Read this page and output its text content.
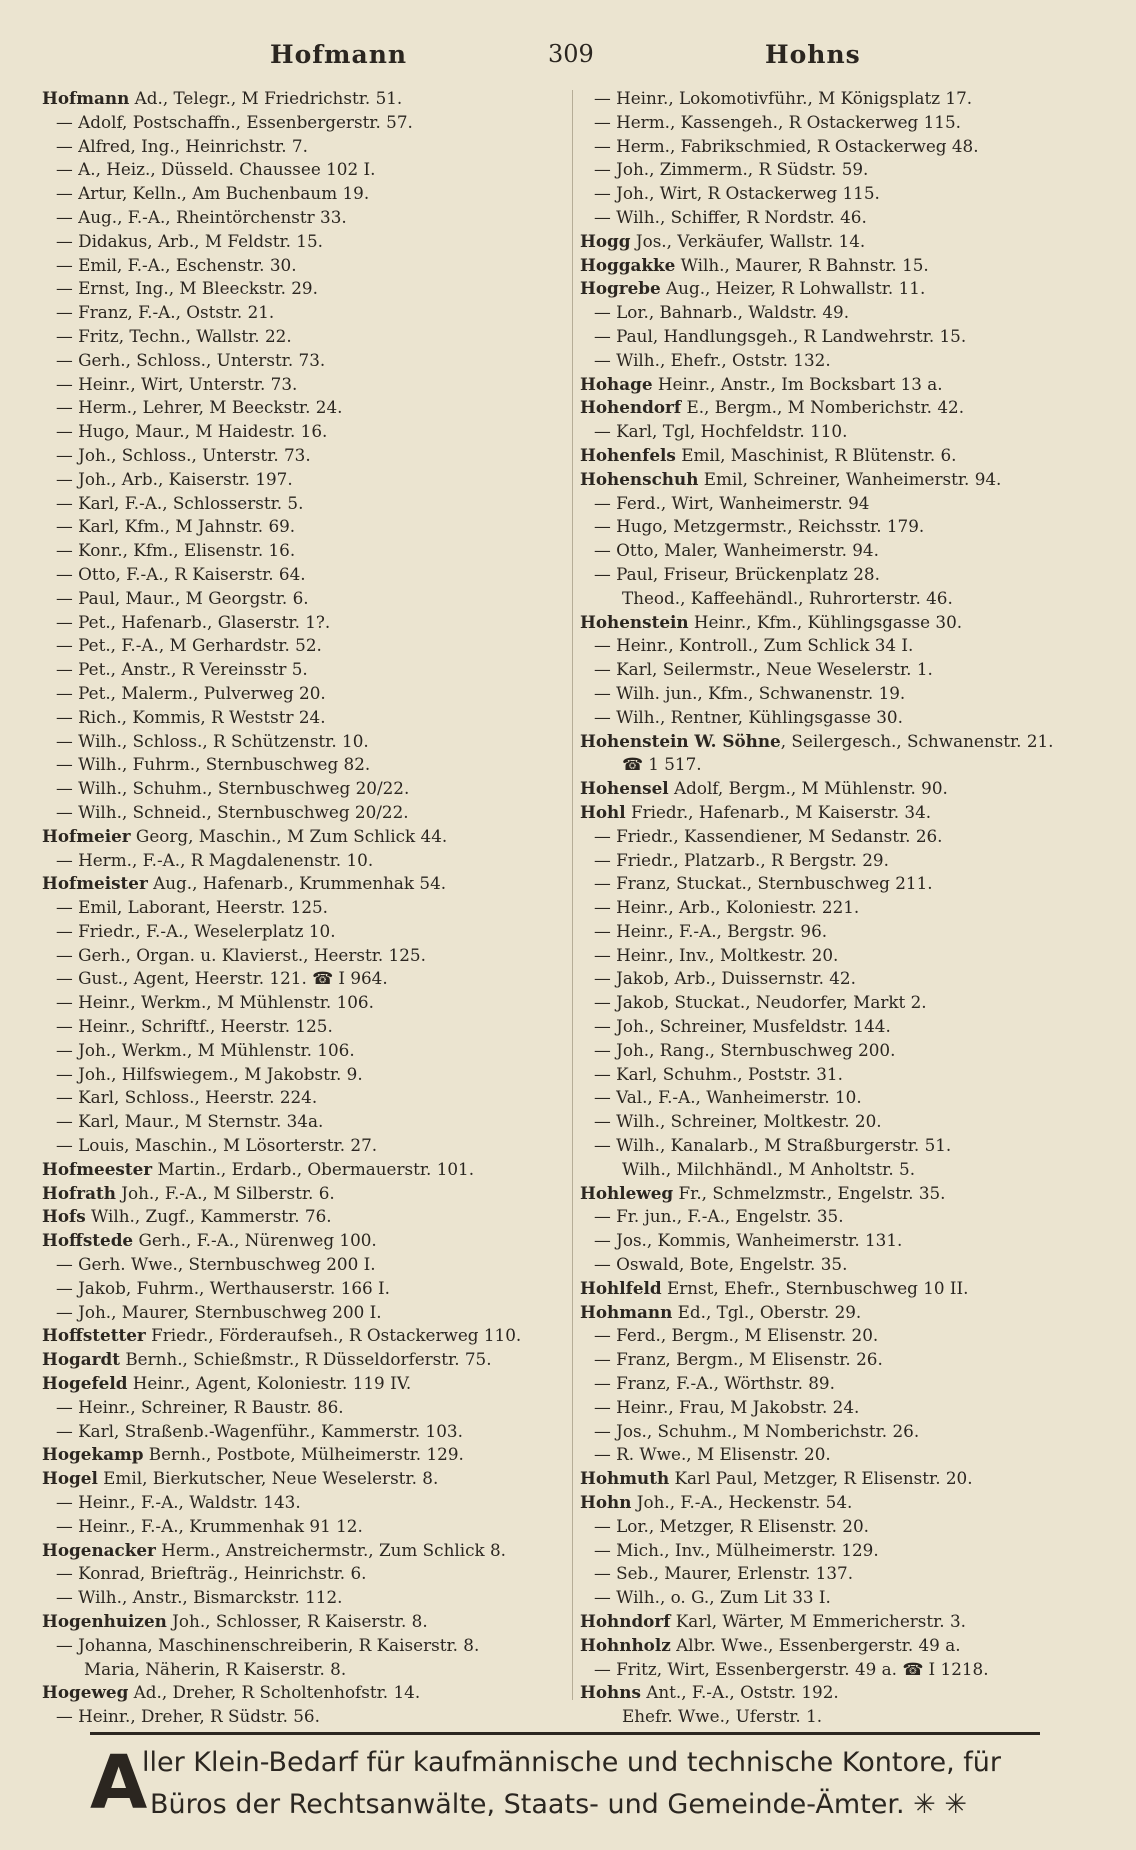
Hofmann	309	Hohns
Hofmann Ad., Telegr., M Friedrichstr. 51.
— Adolf, Postschaffn., Essenbergerstr. 57.
— Alfred, Ing., Heinrichstr. 7.
— A., Heiz., Düsseld. Chaussee 102 I.
— Artur, Kelln., Am Buchenbaum 19.
— Aug., F.-A., Rheintörchenstr 33.
— Didakus, Arb., M Feldstr. 15.
— Emil, F.-A., Eschenstr. 30.
— Ernst, Ing., M Bleeckstr. 29.
— Franz, F.-A., Oststr. 21.
— Fritz, Techn., Wallstr. 22.
— Gerh., Schloss., Unterstr. 73.
— Heinr., Wirt, Unterstr. 73.
— Herm., Lehrer, M Beeckstr. 24.
— Hugo, Maur., M Haidestr. 16.
— Joh., Schloss., Unterstr. 73.
— Joh., Arb., Kaiserstr. 197.
— Karl, F.-A., Schlosserstr. 5.
— Karl, Kfm., M Jahnstr. 69.
— Konr., Kfm., Elisenstr. 16.
— Otto, F.-A., R Kaiserstr. 64.
— Paul, Maur., M Georgstr. 6.
— Pet., Hafenarb., Glaserstr. 1?.
— Pet., F.-A., M Gerhardstr. 52.
— Pet., Anstr., R Vereinsstr 5.
— Pet., Malerm., Pulverweg 20.
— Rich., Kommis, R Weststr 24.
— Wilh., Schloss., R Schützenstr. 10.
— Wilh., Fuhrm., Sternbuschweg 82.
— Wilh., Schuhm., Sternbuschweg 20/22.
— Wilh., Schneid., Sternbuschweg 20/22.
Hofmeier Georg, Maschin., M Zum Schlick 44.
— Herm., F.-A., R Magdalenenstr. 10.
Hofmeister Aug., Hafenarb., Krummenhak 54.
— Emil, Laborant, Heerstr. 125.
— Friedr., F.-A., Weselerplatz 10.
— Gerh., Organ. u. Klavierst., Heerstr. 125.
— Gust., Agent, Heerstr. 121. ☎ I 964.
— Heinr., Werkm., M Mühlenstr. 106.
— Heinr., Schriftf., Heerstr. 125.
— Joh., Werkm., M Mühlenstr. 106.
— Joh., Hilfswiegem., M Jakobstr. 9.
— Karl, Schloss., Heerstr. 224.
— Karl, Maur., M Sternstr. 34a.
— Louis, Maschin., M Lösorterstr. 27.
Hofmeester Martin., Erdarb., Obermauerstr. 101.
Hofrath Joh., F.-A., M Silberstr. 6.
Hofs Wilh., Zugf., Kammerstr. 76.
Hoffstede Gerh., F.-A., Nürenweg 100.
— Gerh. Wwe., Sternbuschweg 200 I.
— Jakob, Fuhrm., Werthauserstr. 166 I.
— Joh., Maurer, Sternbuschweg 200 I.
Hoffstetter Friedr., Förderaufseh., R Ostackerweg 110.
Hogardt Bernh., Schießmstr., R Düsseldorferstr. 75.
Hogefeld Heinr., Agent, Koloniestr. 119 IV.
— Heinr., Schreiner, R Baustr. 86.
— Karl, Straßenb.-Wagenführ., Kammerstr. 103.
Hogekamp Bernh., Postbote, Mülheimerstr. 129.
Hogel Emil, Bierkutscher, Neue Weselerstr. 8.
— Heinr., F.-A., Waldstr. 143.
— Heinr., F.-A., Krummenhak 91 12.
Hogenacker Herm., Anstreichermstr., Zum Schlick 8.
— Konrad, Briefträg., Heinrichstr. 6.
— Wilh., Anstr., Bismarckstr. 112.
Hogenhuizen Joh., Schlosser, R Kaiserstr. 8.
— Johanna, Maschinenschreiberin, R Kaiserstr. 8.
Maria, Näherin, R Kaiserstr. 8.
Hogeweg Ad., Dreher, R Scholtenhofstr. 14.
— Heinr., Dreher, R Südstr. 56.
— Heinr., Lokomotivführ., M Königsplatz 17.
— Herm., Kassengeh., R Ostackerweg 115.
— Herm., Fabrikschmied, R Ostackerweg 48.
— Joh., Zimmerm., R Südstr. 59.
— Joh., Wirt, R Ostackerweg 115.
— Wilh., Schiffer, R Nordstr. 46.
Hogg Jos., Verkäufer, Wallstr. 14.
Hoggakke Wilh., Maurer, R Bahnstr. 15.
Hogrebe Aug., Heizer, R Lohwallstr. 11.
— Lor., Bahnarb., Waldstr. 49.
— Paul, Handlungsgeh., R Landwehrstr. 15.
— Wilh., Ehefr., Oststr. 132.
Hohage Heinr., Anstr., Im Bocksbart 13 a.
Hohendorf E., Bergm., M Nomberichstr. 42.
— Karl, Tgl, Hochfeldstr. 110.
Hohenfels Emil, Maschinist, R Blütenstr. 6.
Hohenschuh Emil, Schreiner, Wanheimerstr. 94.
— Ferd., Wirt, Wanheimerstr. 94
— Hugo, Metzgermstr., Reichsstr. 179.
— Otto, Maler, Wanheimerstr. 94.
— Paul, Friseur, Brückenplatz 28.
Theod., Kaffeehändl., Ruhrorterstr. 46.
Hohenstein Heinr., Kfm., Kühlingsgasse 30.
— Heinr., Kontroll., Zum Schlick 34 I.
— Karl, Seilermstr., Neue Weselerstr. 1.
— Wilh. jun., Kfm., Schwanenstr. 19.
— Wilh., Rentner, Kühlingsgasse 30.
Hohenstein W. Söhne, Seilergesch., Schwanenstr. 21.
☎ 1 517.
Hohensel Adolf, Bergm., M Mühlenstr. 90.
Hohl Friedr., Hafenarb., M Kaiserstr. 34.
— Friedr., Kassendiener, M Sedanstr. 26.
— Friedr., Platzarb., R Bergstr. 29.
— Franz, Stuckat., Sternbuschweg 211.
— Heinr., Arb., Koloniestr. 221.
— Heinr., F.-A., Bergstr. 96.
— Heinr., Inv., Moltkestr. 20.
— Jakob, Arb., Duissernstr. 42.
— Jakob, Stuckat., Neudorfer, Markt 2.
— Joh., Schreiner, Musfeldstr. 144.
— Joh., Rang., Sternbuschweg 200.
— Karl, Schuhm., Poststr. 31.
— Val., F.-A., Wanheimerstr. 10.
— Wilh., Schreiner, Moltkestr. 20.
— Wilh., Kanalarb., M Straßburgerstr. 51.
Wilh., Milchhändl., M Anholtstr. 5.
Hohleweg Fr., Schmelzmstr., Engelstr. 35.
— Fr. jun., F.-A., Engelstr. 35.
— Jos., Kommis, Wanheimerstr. 131.
— Oswald, Bote, Engelstr. 35.
Hohlfeld Ernst, Ehefr., Sternbuschweg 10 II.
Hohmann Ed., Tgl., Oberstr. 29.
— Ferd., Bergm., M Elisenstr. 20.
— Franz, Bergm., M Elisenstr. 26.
— Franz, F.-A., Wörthstr. 89.
— Heinr., Frau, M Jakobstr. 24.
— Jos., Schuhm., M Nomberichstr. 26.
— R. Wwe., M Elisenstr. 20.
Hohmuth Karl Paul, Metzger, R Elisenstr. 20.
Hohn Joh., F.-A., Heckenstr. 54.
— Lor., Metzger, R Elisenstr. 20.
— Mich., Inv., Mülheimerstr. 129.
— Seb., Maurer, Erlenstr. 137.
— Wilh., o. G., Zum Lit 33 I.
Hohndorf Karl, Wärter, M Emmericherstr. 3.
Hohnholz Albr. Wwe., Essenbergerstr. 49 a.
— Fritz, Wirt, Essenbergerstr. 49 a. ☎ I 1218.
Hohns Ant., F.-A., Oststr. 192.
Ehefr. Wwe., Uferstr. 1.
A
ller Klein-Bedarf für kaufmännische und technische Kontore, für
Büros der Rechtsanwälte, Staats- und Gemeinde-Ämter. ✳ ✳
